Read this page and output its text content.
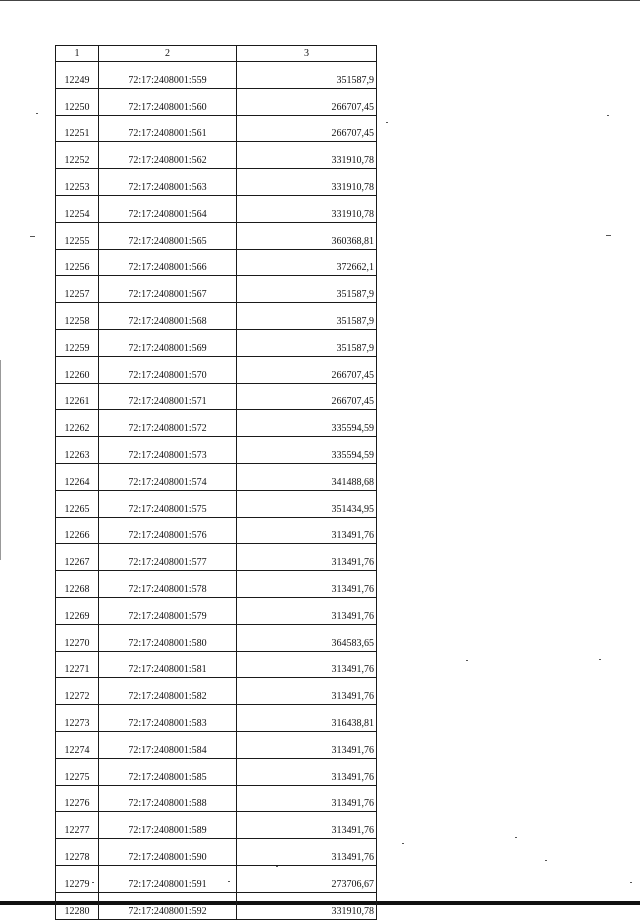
1	2	3
12249	72:17:2408001:559	351587,9
12250	72:17:2408001:560	266707,45
12251	72:17:2408001:561	266707,45
12252	72:17:2408001:562	331910,78
12253	72:17:2408001:563	331910,78
12254	72:17:2408001:564	331910,78
12255	72:17:2408001:565	360368,81
12256	72:17:2408001:566	372662,1
12257	72:17:2408001:567	351587,9
12258	72:17:2408001:568	351587,9
12259	72:17:2408001:569	351587,9
12260	72:17:2408001:570	266707,45
12261	72:17:2408001:571	266707,45
12262	72:17:2408001:572	335594,59
12263	72:17:2408001:573	335594,59
12264	72:17:2408001:574	341488,68
12265	72:17:2408001:575	351434,95
12266	72:17:2408001:576	313491,76
12267	72:17:2408001:577	313491,76
12268	72:17:2408001:578	313491,76
12269	72:17:2408001:579	313491,76
12270	72:17:2408001:580	364583,65
12271	72:17:2408001:581	313491,76
12272	72:17:2408001:582	313491,76
12273	72:17:2408001:583	316438,81
12274	72:17:2408001:584	313491,76
12275	72:17:2408001:585	313491,76
12276	72:17:2408001:588	313491,76
12277	72:17:2408001:589	313491,76
12278	72:17:2408001:590	313491,76
12279	72:17:2408001:591	273706,67
12280	72:17:2408001:592	331910,78
